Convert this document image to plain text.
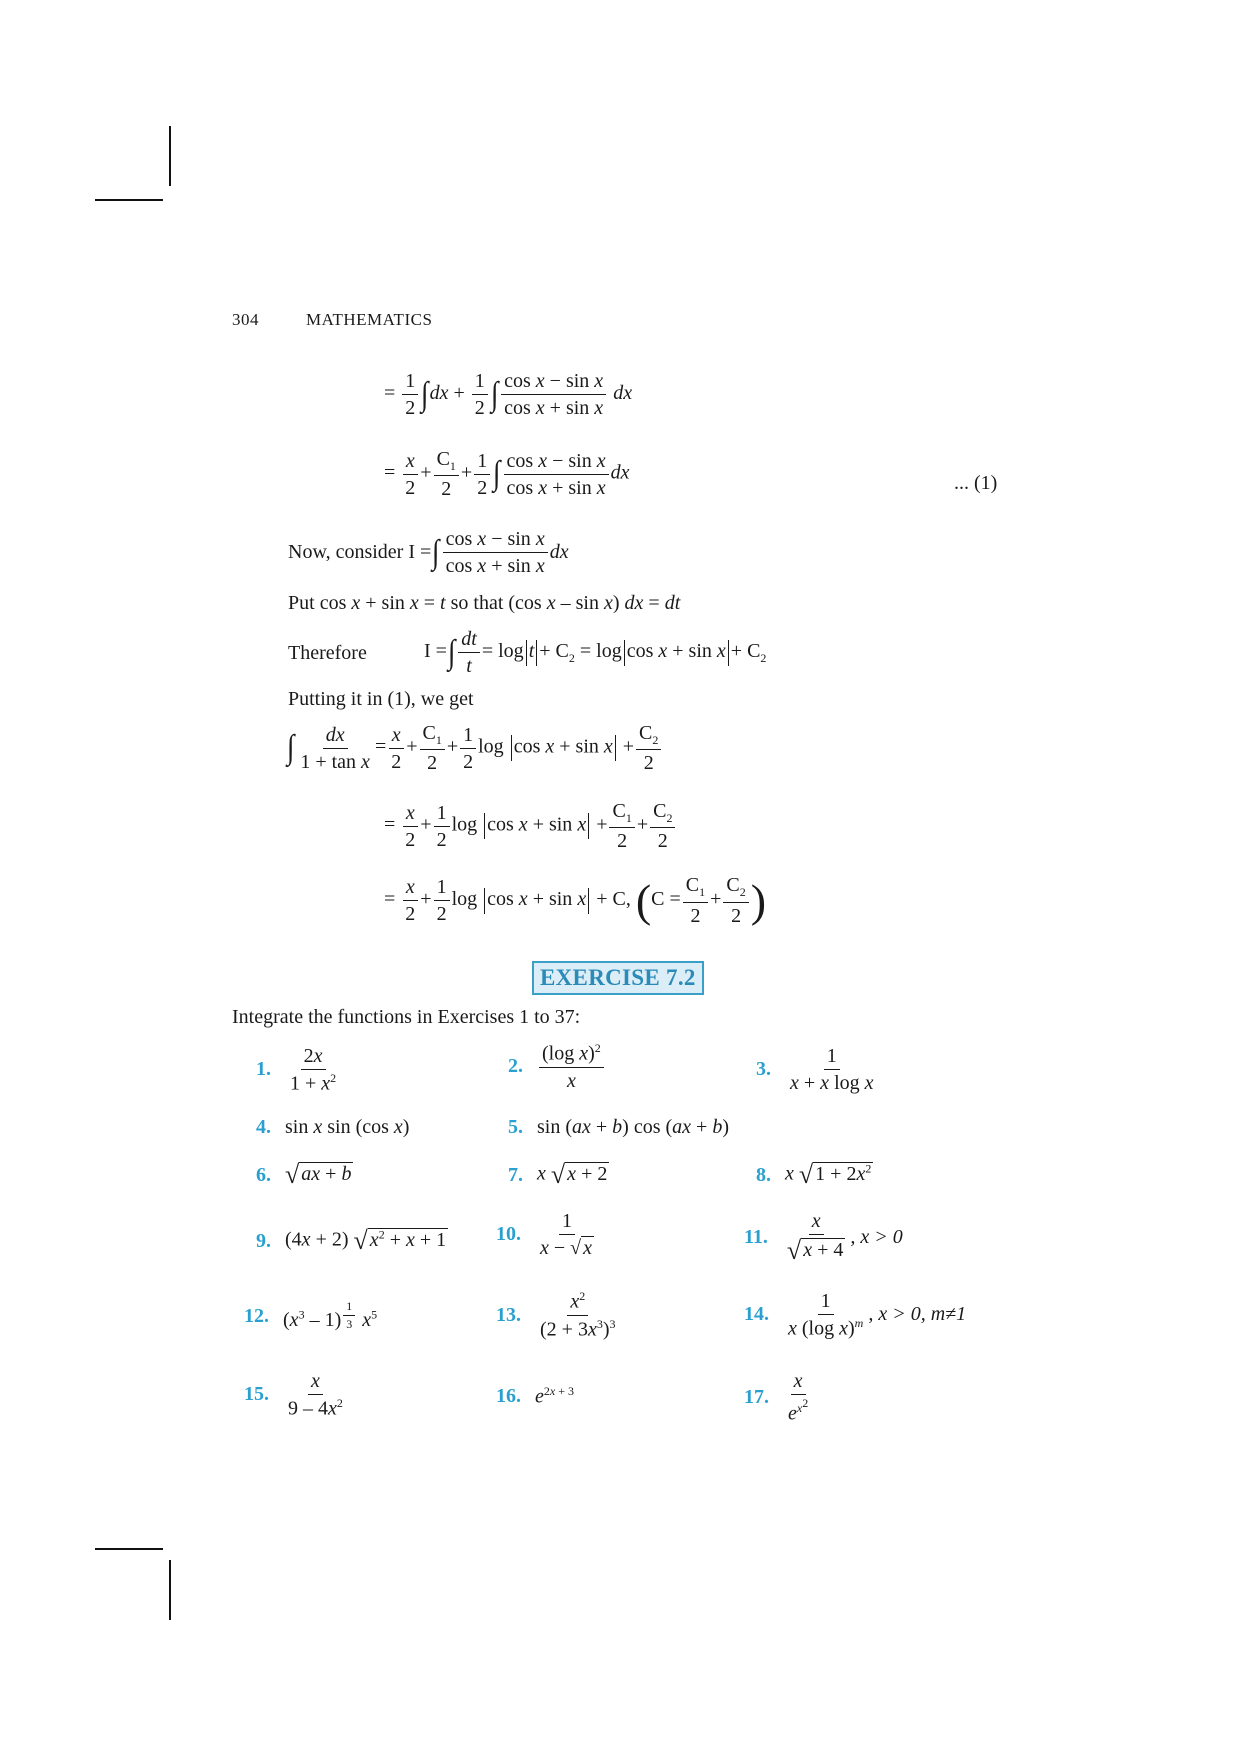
304	MATHEMATICS
= $\frac{1}{2} \int dx + \frac{1}{2}$ ∫ $\frac{\text{cos x − sin x}}{\text{cos x + sin x}}$ dx
= $\frac{x}{2} + \frac{C_1}{2} + \frac{1}{2}$ ∫ $\frac{\text{cos x − sin x}}{\text{cos x + sin x}}$ dx	... (1)
Now, consider I = ∫ $\frac{\text{cos x − sin x}}{\text{cos x + sin x}}$ dx
Put cos x + sin x = t so that (cos x – sin x) dx = dt
Therefore	I =∫ $\frac{dt}{t} = \log t + C_2 = \log \cos x + \sin x + C_2$
Putting it in (1), we get
∫ $\frac{dx}{\text{1 + tan x}} = \frac{x}{2} + \frac{C_1}{2} + \frac{1}{2}$ $\log \cos x + \sin x + \frac{C_2}{2}$
= $\frac{x}{2} + \frac{1}{2}$ $\log \cos x + \sin x + \frac{C_1}{2} + \frac{C_2}{2}$
= $\frac{x}{2} + \frac{1}{2}$ log cos x + sin x + C, ($C = \frac{C_1}{2} + \frac{C_2}{2}$ )
EXERCISE 7.2
Integrate the functions in Exercises 1 to 37:
1. $\frac{2x}{1 + x^2}$	2. $\frac{(\log x)^2}{x}$	3. $\frac{1}{\text{x + x log x}}$
4. sin x sin (cos x)	5. sin (ax + b) cos (ax + b)
6. √ ax + b	7. x √ x + 2	8. x √ $1 + 2x^2$
9. (4x + 2) √ $x^2 + x + 1$ 10. $\frac{1}{x - √ x}$	11. $\frac{x}{√ x + 4}$ , x > 0
12. $(x^3 - 1)$ $^{\frac{1}{3}}$ $x^5$	13. $\frac{x^2}{(2 + 3x^3)^3}$	14. $\frac{1}{x (\log x)^m}$ , x > 0, m≠1
15. $\frac{x}{9 - 4x^2}$	16. $e^{2x + 3}$	17. $\frac{x}{e^{x^2}}$
